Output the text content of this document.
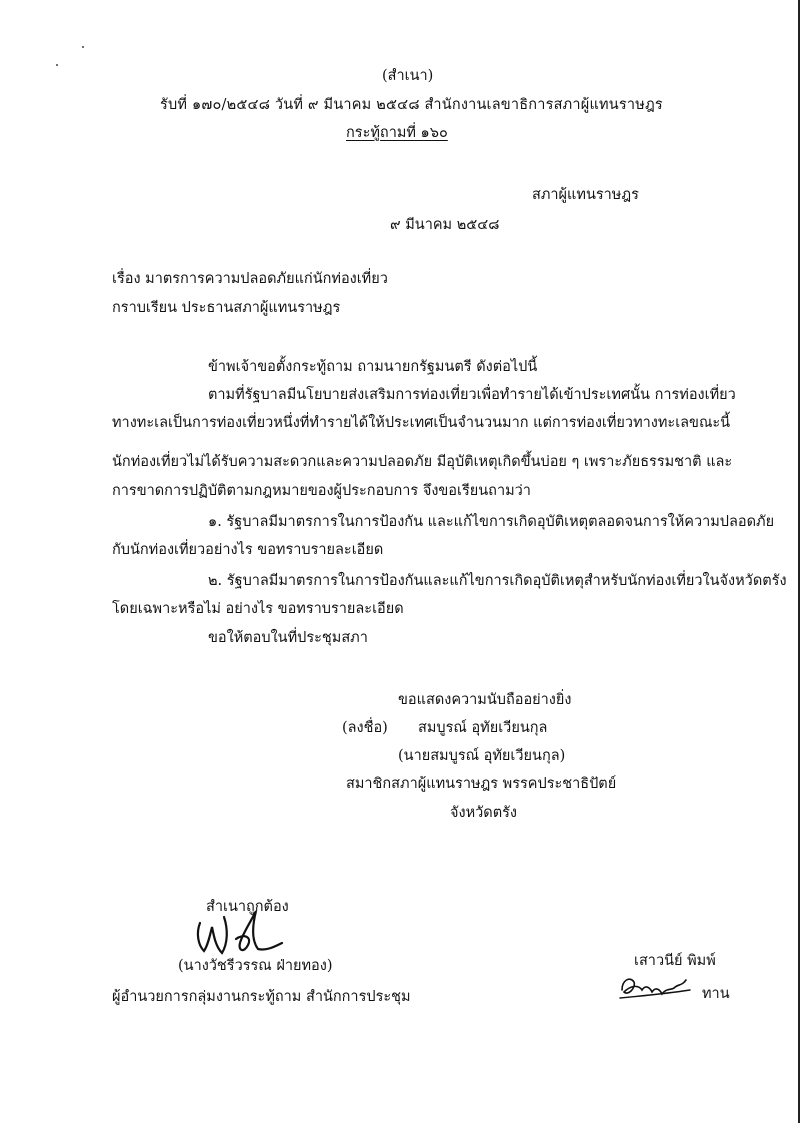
(สำเนา)
รับที่ ๑๗๐/๒๕๔๘ วันที่ ๙ มีนาคม ๒๕๔๘ สำนักงานเลขาธิการสภาผู้แทนราษฎร
กระทู้ถามที่ ๑๖๐
สภาผู้แทนราษฎร
๙ มีนาคม ๒๕๔๘
เรื่อง มาตรการความปลอดภัยแก่นักท่องเที่ยว
กราบเรียน ประธานสภาผู้แทนราษฎร
ข้าพเจ้าขอตั้งกระทู้ถาม ถามนายกรัฐมนตรี ดังต่อไปนี้
ตามที่รัฐบาลมีนโยบายส่งเสริมการท่องเที่ยวเพื่อทำรายได้เข้าประเทศนั้น การท่องเที่ยว
ทางทะเลเป็นการท่องเที่ยวหนึ่งที่ทำรายได้ให้ประเทศเป็นจำนวนมาก แต่การท่องเที่ยวทางทะเลขณะนี้
นักท่องเที่ยวไม่ได้รับความสะดวกและความปลอดภัย มีอุบัติเหตุเกิดขึ้นบ่อย ๆ เพราะภัยธรรมชาติ และ
การขาดการปฏิบัติตามกฎหมายของผู้ประกอบการ จึงขอเรียนถามว่า
๑. รัฐบาลมีมาตรการในการป้องกัน และแก้ไขการเกิดอุบัติเหตุตลอดจนการให้ความปลอดภัย
กับนักท่องเที่ยวอย่างไร ขอทราบรายละเอียด
๒. รัฐบาลมีมาตรการในการป้องกันและแก้ไขการเกิดอุบัติเหตุสำหรับนักท่องเที่ยวในจังหวัดตรัง
โดยเฉพาะหรือไม่ อย่างไร ขอทราบรายละเอียด
ขอให้ตอบในที่ประชุมสภา
ขอแสดงความนับถืออย่างยิ่ง
(ลงชื่อ) สมบูรณ์ อุทัยเวียนกุล
(นายสมบูรณ์ อุทัยเวียนกุล)
สมาชิกสภาผู้แทนราษฎร พรรคประชาธิปัตย์
จังหวัดตรัง
สำเนาถูกต้อง
(นางวัชรีวรรณ ฝ่ายทอง)
ผู้อำนวยการกลุ่มงานกระทู้ถาม สำนักการประชุม
เสาวนีย์ พิมพ์
ทาน
